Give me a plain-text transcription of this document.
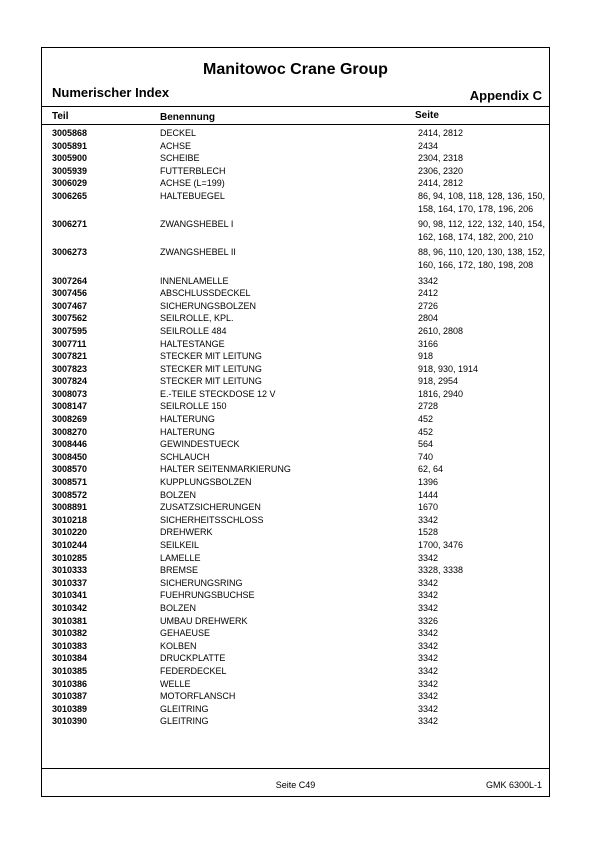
Manitowoc Crane Group
Numerischer Index	Appendix C
Teil	Benennung	Seite
3005868	DECKEL	2414, 2812
3005891	ACHSE	2434
3005900	SCHEIBE	2304, 2318
3005939	FUTTERBLECH	2306, 2320
3006029	ACHSE (L=199)	2414, 2812
3006265	HALTEBUEGEL	86, 94, 108, 118, 128, 136, 150, 158, 164, 170, 178, 196, 206
3006271	ZWANGSHEBEL I	90, 98, 112, 122, 132, 140, 154, 162, 168, 174, 182, 200, 210
3006273	ZWANGSHEBEL II	88, 96, 110, 120, 130, 138, 152, 160, 166, 172, 180, 198, 208
3007264	INNENLAMELLE	3342
3007456	ABSCHLUSSDECKEL	2412
3007467	SICHERUNGSBOLZEN	2726
3007562	SEILROLLE, KPL.	2804
3007595	SEILROLLE 484	2610, 2808
3007711	HALTESTANGE	3166
3007821	STECKER MIT LEITUNG	918
3007823	STECKER MIT LEITUNG	918, 930, 1914
3007824	STECKER MIT LEITUNG	918, 2954
3008073	E.-TEILE STECKDOSE 12 V	1816, 2940
3008147	SEILROLLE 150	2728
3008269	HALTERUNG	452
3008270	HALTERUNG	452
3008446	GEWINDESTUECK	564
3008450	SCHLAUCH	740
3008570	HALTER SEITENMARKIERUNG	62, 64
3008571	KUPPLUNGSBOLZEN	1396
3008572	BOLZEN	1444
3008891	ZUSATZSICHERUNGEN	1670
3010218	SICHERHEITSSCHLOSS	3342
3010220	DREHWERK	1528
3010244	SEILKEIL	1700, 3476
3010285	LAMELLE	3342
3010333	BREMSE	3328, 3338
3010337	SICHERUNGSRING	3342
3010341	FUEHRUNGSBUCHSE	3342
3010342	BOLZEN	3342
3010381	UMBAU DREHWERK	3326
3010382	GEHAEUSE	3342
3010383	KOLBEN	3342
3010384	DRUCKPLATTE	3342
3010385	FEDERDECKEL	3342
3010386	WELLE	3342
3010387	MOTORFLANSCH	3342
3010389	GLEITRING	3342
3010390	GLEITRING	3342
Seite C49	GMK 6300L-1
